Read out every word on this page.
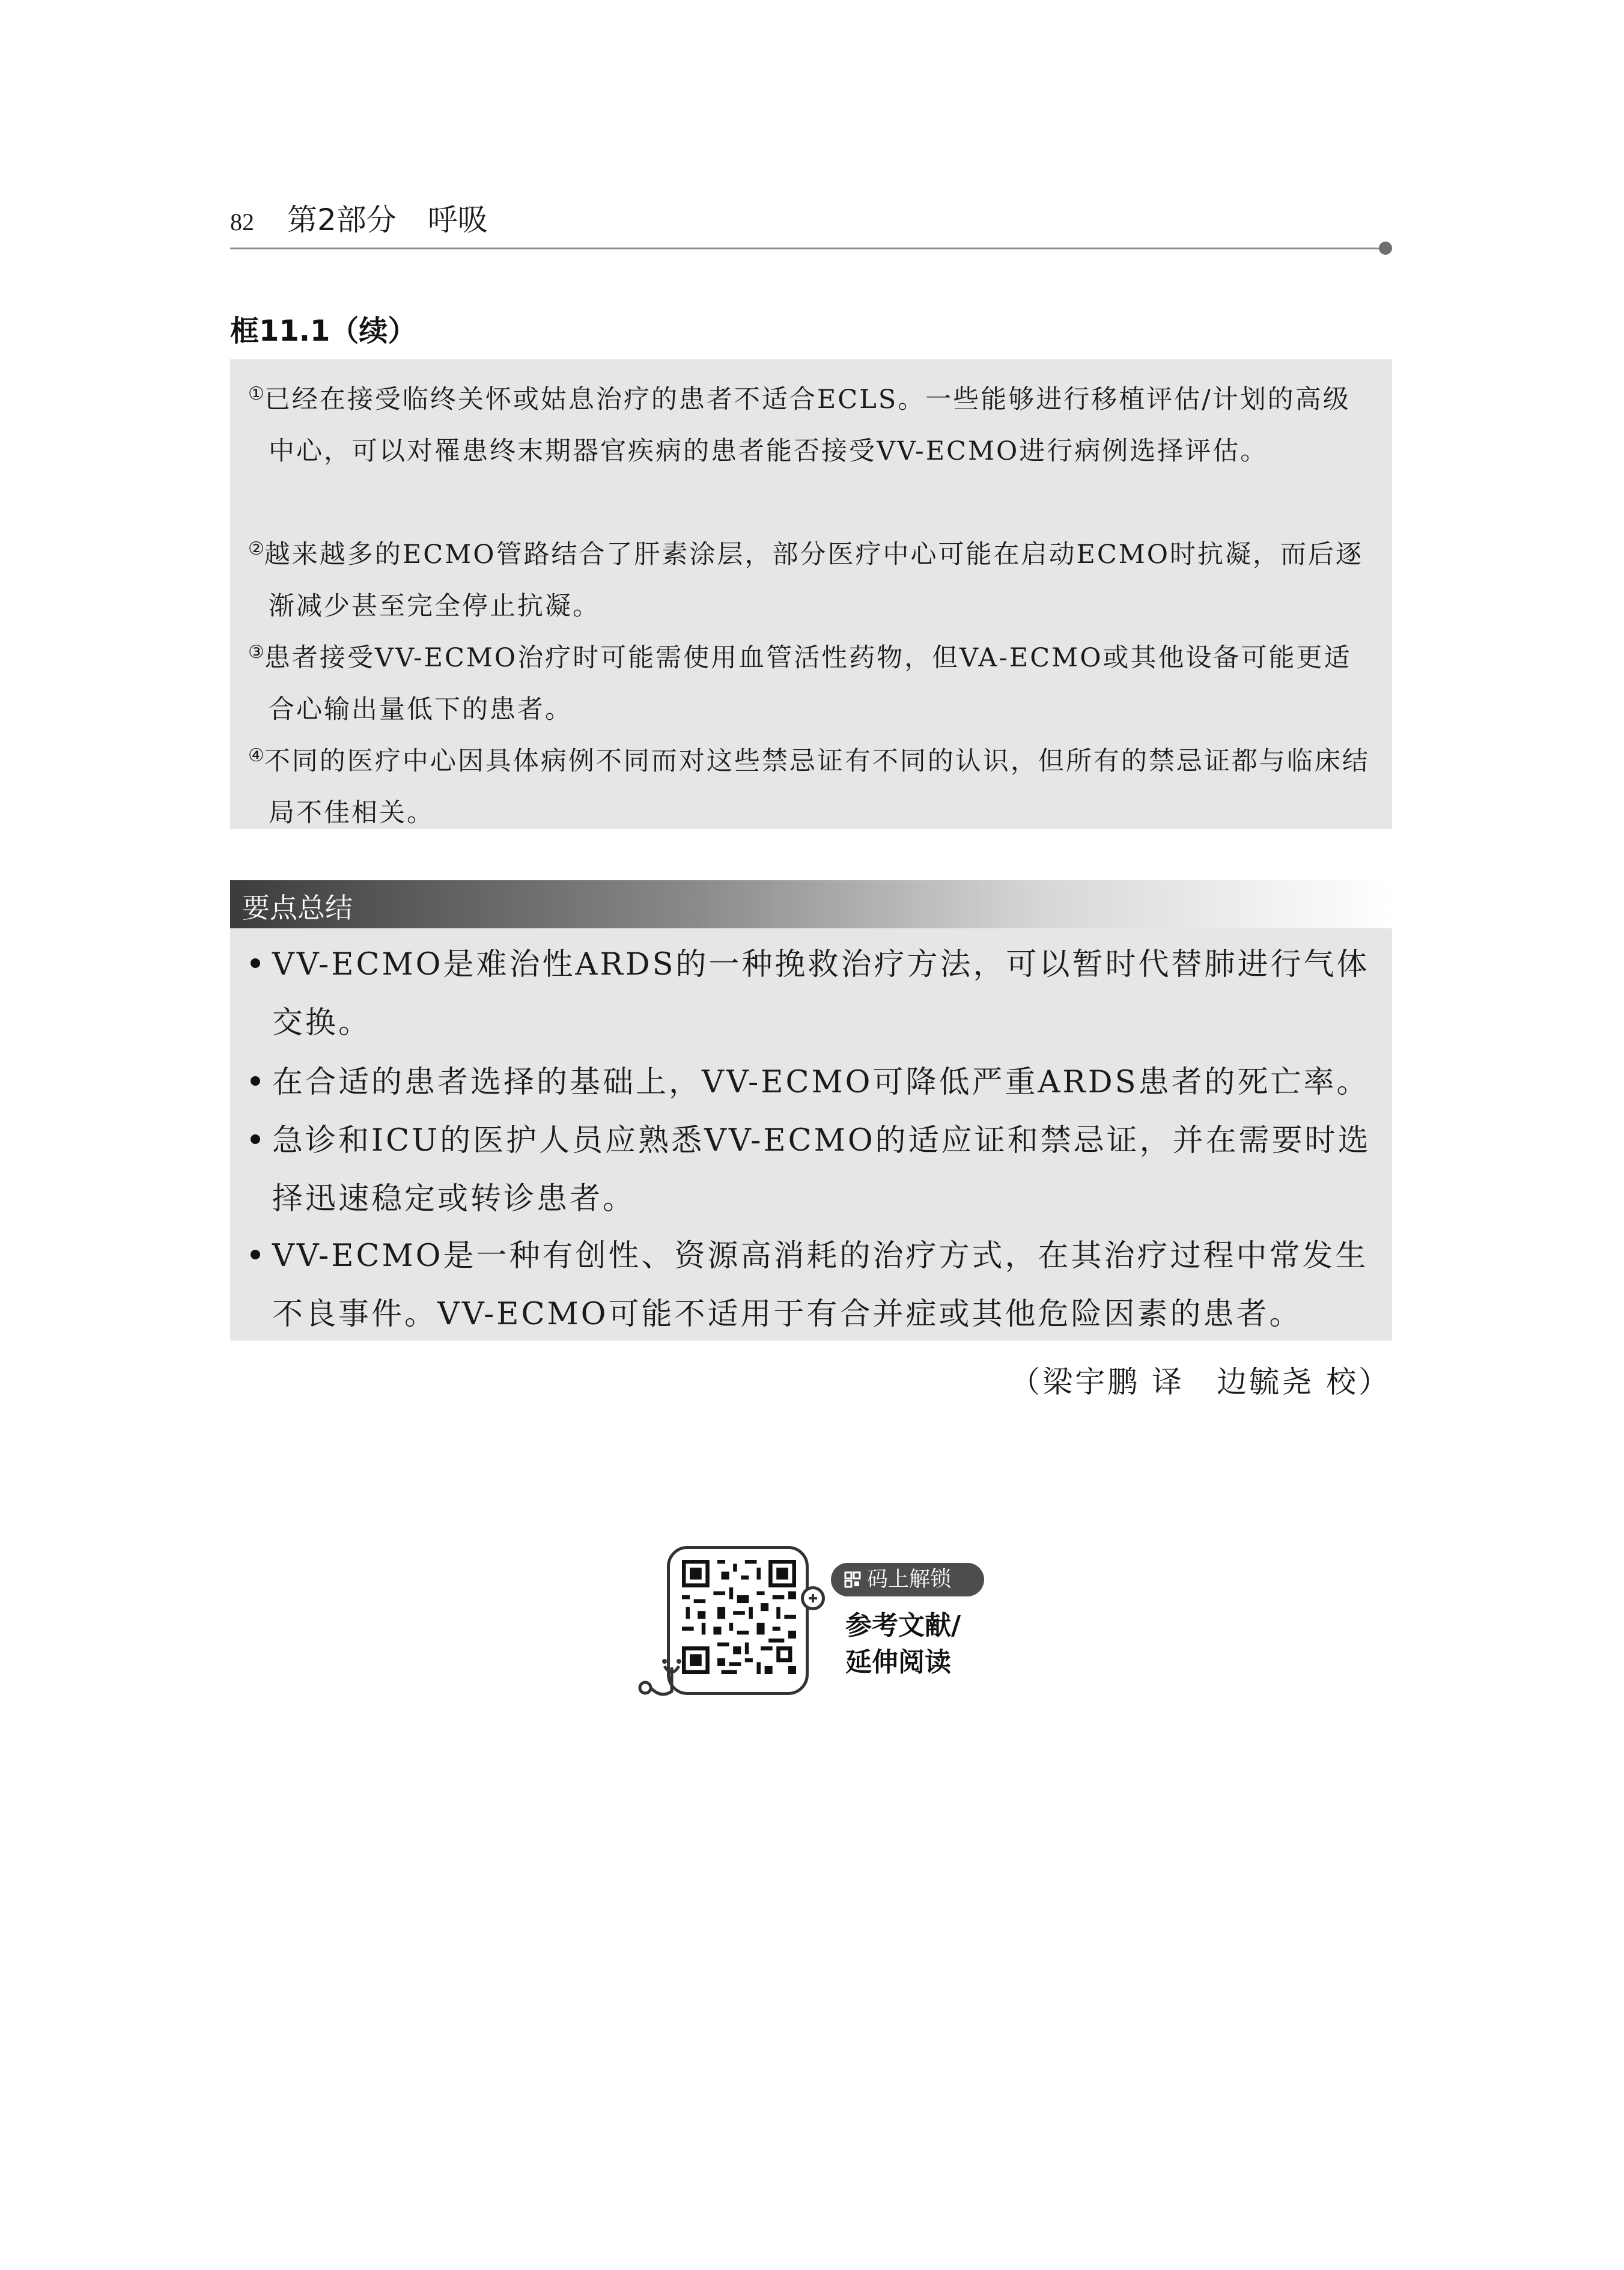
82 第2部分 呼吸
框11.1（续）
①已经在接受临终关怀或姑息治疗的患者不适合ECLS。一些能够进行移植评估/计划的高级中心，可以对罹患终末期器官疾病的患者能否接受VV-ECMO进行病例选择评估。
②越来越多的ECMO管路结合了肝素涂层，部分医疗中心可能在启动ECMO时抗凝，而后逐渐减少甚至完全停止抗凝。
③患者接受VV-ECMO治疗时可能需使用血管活性药物，但VA-ECMO或其他设备可能更适合心输出量低下的患者。
④不同的医疗中心因具体病例不同而对这些禁忌证有不同的认识，但所有的禁忌证都与临床结局不佳相关。
要点总结
VV-ECMO是难治性ARDS的一种挽救治疗方法，可以暂时代替肺进行气体交换。
在合适的患者选择的基础上，VV-ECMO可降低严重ARDS患者的死亡率。
急诊和ICU的医护人员应熟悉VV-ECMO的适应证和禁忌证，并在需要时选择迅速稳定或转诊患者。
VV-ECMO是一种有创性、资源高消耗的治疗方式，在其治疗过程中常发生不良事件。VV-ECMO可能不适用于有合并症或其他危险因素的患者。
（梁宇鹏 译　边毓尧 校）
码上解锁
参考文献/
延伸阅读
